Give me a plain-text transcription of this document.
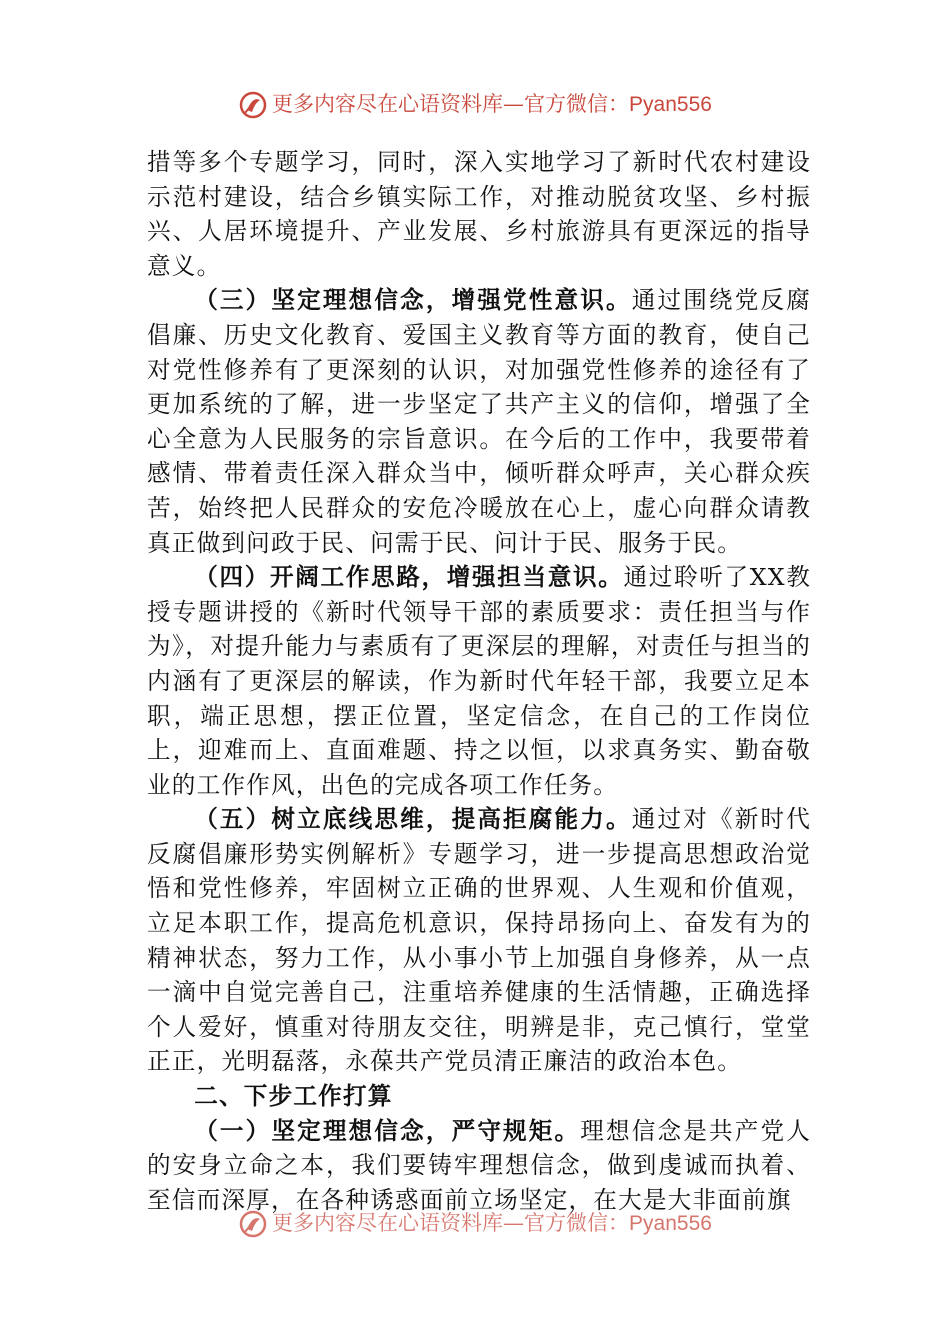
更多内容尽在心语资料库—官方微信：Pyan556

措等多个专题学习，同时，深入实地学习了新时代农村建设示范村建设，结合乡镇实际工作，对推动脱贫攻坚、乡村振兴、人居环境提升、产业发展、乡村旅游具有更深远的指导意义。

（三）坚定理想信念，增强党性意识。通过围绕党反腐倡廉、历史文化教育、爱国主义教育等方面的教育，使自己对党性修养有了更深刻的认识，对加强党性修养的途径有了更加系统的了解，进一步坚定了共产主义的信仰，增强了全心全意为人民服务的宗旨意识。在今后的工作中，我要带着感情、带着责任深入群众当中，倾听群众呼声，关心群众疾苦，始终把人民群众的安危冷暖放在心上，虚心向群众请教真正做到问政于民、问需于民、问计于民、服务于民。

（四）开阔工作思路，增强担当意识。通过聆听了XX教授专题讲授的《新时代领导干部的素质要求：责任担当与作为》，对提升能力与素质有了更深层的理解，对责任与担当的内涵有了更深层的解读，作为新时代年轻干部，我要立足本职，端正思想，摆正位置，坚定信念，在自己的工作岗位上，迎难而上、直面难题、持之以恒，以求真务实、勤奋敬业的工作作风，出色的完成各项工作任务。

（五）树立底线思维，提高拒腐能力。通过对《新时代反腐倡廉形势实例解析》专题学习，进一步提高思想政治觉悟和党性修养，牢固树立正确的世界观、人生观和价值观，立足本职工作，提高危机意识，保持昂扬向上、奋发有为的精神状态，努力工作，从小事小节上加强自身修养，从一点一滴中自觉完善自己，注重培养健康的生活情趣，正确选择个人爱好，慎重对待朋友交往，明辨是非，克己慎行，堂堂正正，光明磊落，永葆共产党员清正廉洁的政治本色。

二、下步工作打算

（一）坚定理想信念，严守规矩。理想信念是共产党人的安身立命之本，我们要铸牢理想信念，做到虔诚而执着、至信而深厚，在各种诱惑面前立场坚定，在大是大非面前旗

更多内容尽在心语资料库—官方微信：Pyan556
